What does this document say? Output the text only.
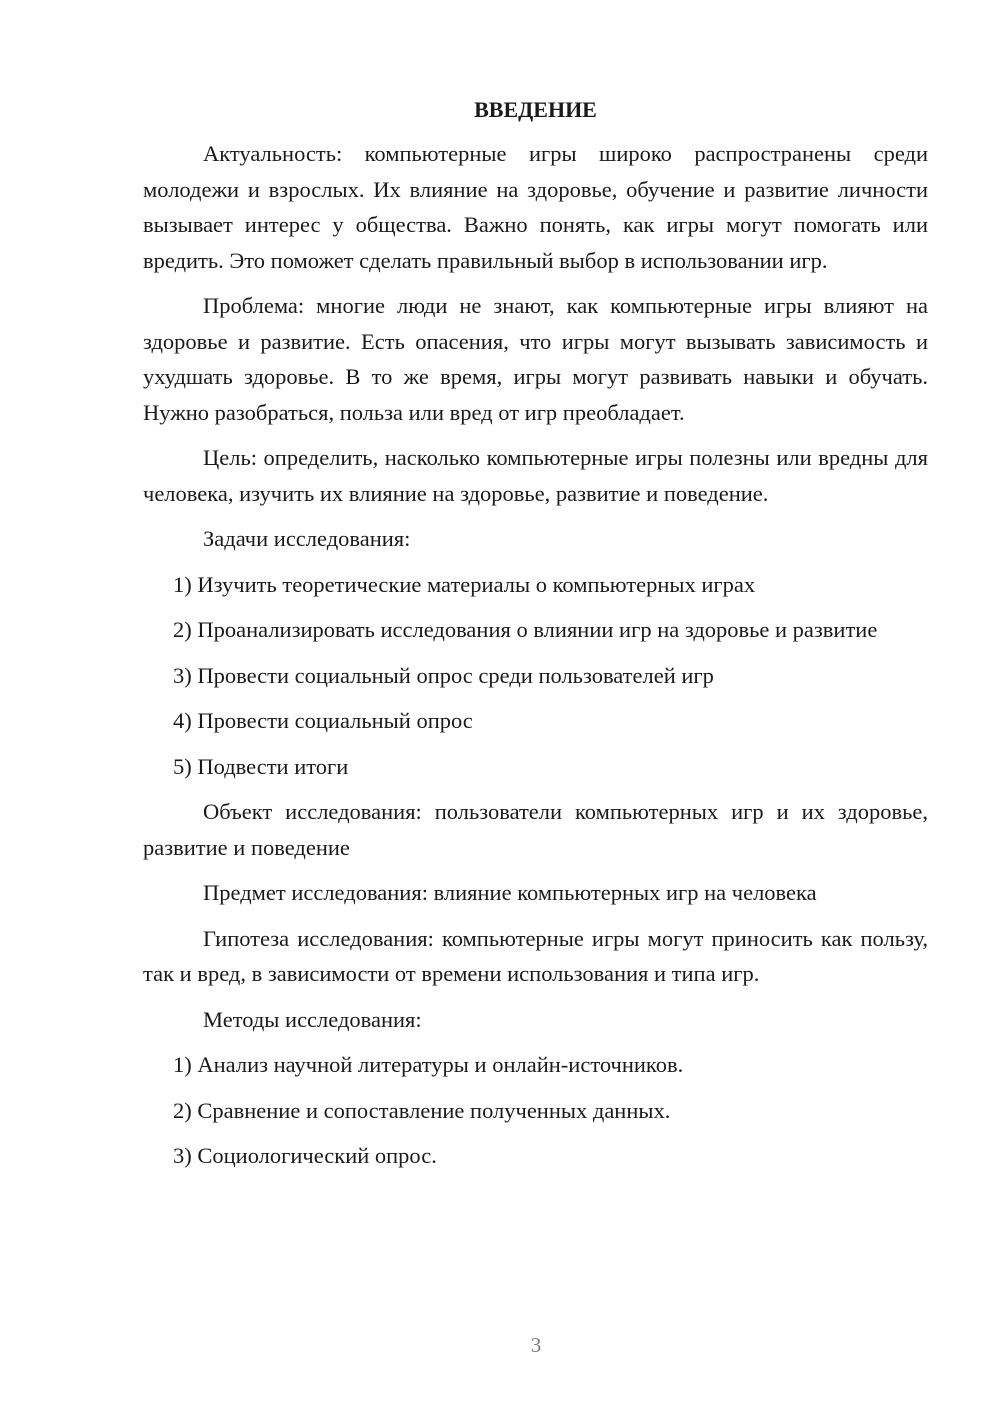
ВВЕДЕНИЕ

Актуальность: компьютерные игры широко распространены среди молодежи и взрослых. Их влияние на здоровье, обучение и развитие личности вызывает интерес у общества. Важно понять, как игры могут помогать или вредить. Это поможет сделать правильный выбор в использовании игр.

Проблема: многие люди не знают, как компьютерные игры влияют на здоровье и развитие. Есть опасения, что игры могут вызывать зависимость и ухудшать здоровье. В то же время, игры могут развивать навыки и обучать. Нужно разобраться, польза или вред от игр преобладает.

Цель: определить, насколько компьютерные игры полезны или вредны для человека, изучить их влияние на здоровье, развитие и поведение.

Задачи исследования:

1) Изучить теоретические материалы о компьютерных играх

2) Проанализировать исследования о влиянии игр на здоровье и развитие

3) Провести социальный опрос среди пользователей игр

4) Провести социальный опрос

5) Подвести итоги

Объект исследования: пользователи компьютерных игр и их здоровье, развитие и поведение

Предмет исследования: влияние компьютерных игр на человека

Гипотеза исследования: компьютерные игры могут приносить как пользу, так и вред, в зависимости от времени использования и типа игр.

Методы исследования:

1) Анализ научной литературы и онлайн-источников.

2) Сравнение и сопоставление полученных данных.

3) Социологический опрос.

3
